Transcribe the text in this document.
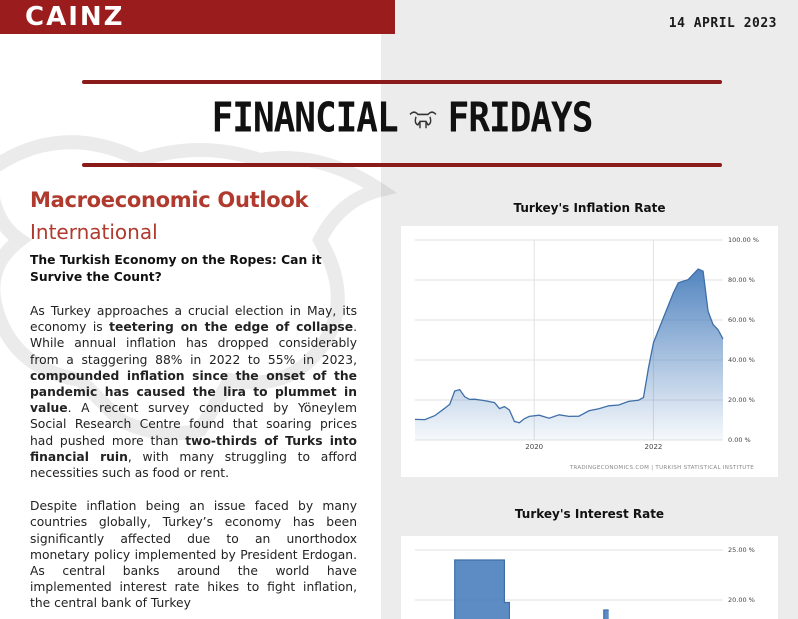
CAINZ	14 APRIL 2023
FINANCIAL FRIDAYS
Macroeconomic Outlook
International
The Turkish Economy on the Ropes: Can it Survive the Count?

As Turkey approaches a crucial election in May, its economy is teetering on the edge of collapse. While annual inflation has dropped considerably from a staggering 88% in 2022 to 55% in 2023, compounded inflation since the onset of the pandemic has caused the lira to plummet in value. A recent survey conducted by Yöneylem Social Research Centre found that soaring prices had pushed more than two-thirds of Turks into financial ruin, with many struggling to afford necessities such as food or rent.

Despite inflation being an issue faced by many countries globally, Turkey’s economy has been significantly affected due to an unorthodox monetary policy implemented by President Erdogan. As central banks around the world have implemented interest rate hikes to fight inflation, the central bank of Turkey

Turkey's Inflation Rate
100.00 %
80.00 %
60.00 %
40.00 %
20.00 %
0.00 %
2020	2022
TRADINGECONOMICS.COM | TURKISH STATISTICAL INSTITUTE
Turkey's Interest Rate
25.00 %
20.00 %
